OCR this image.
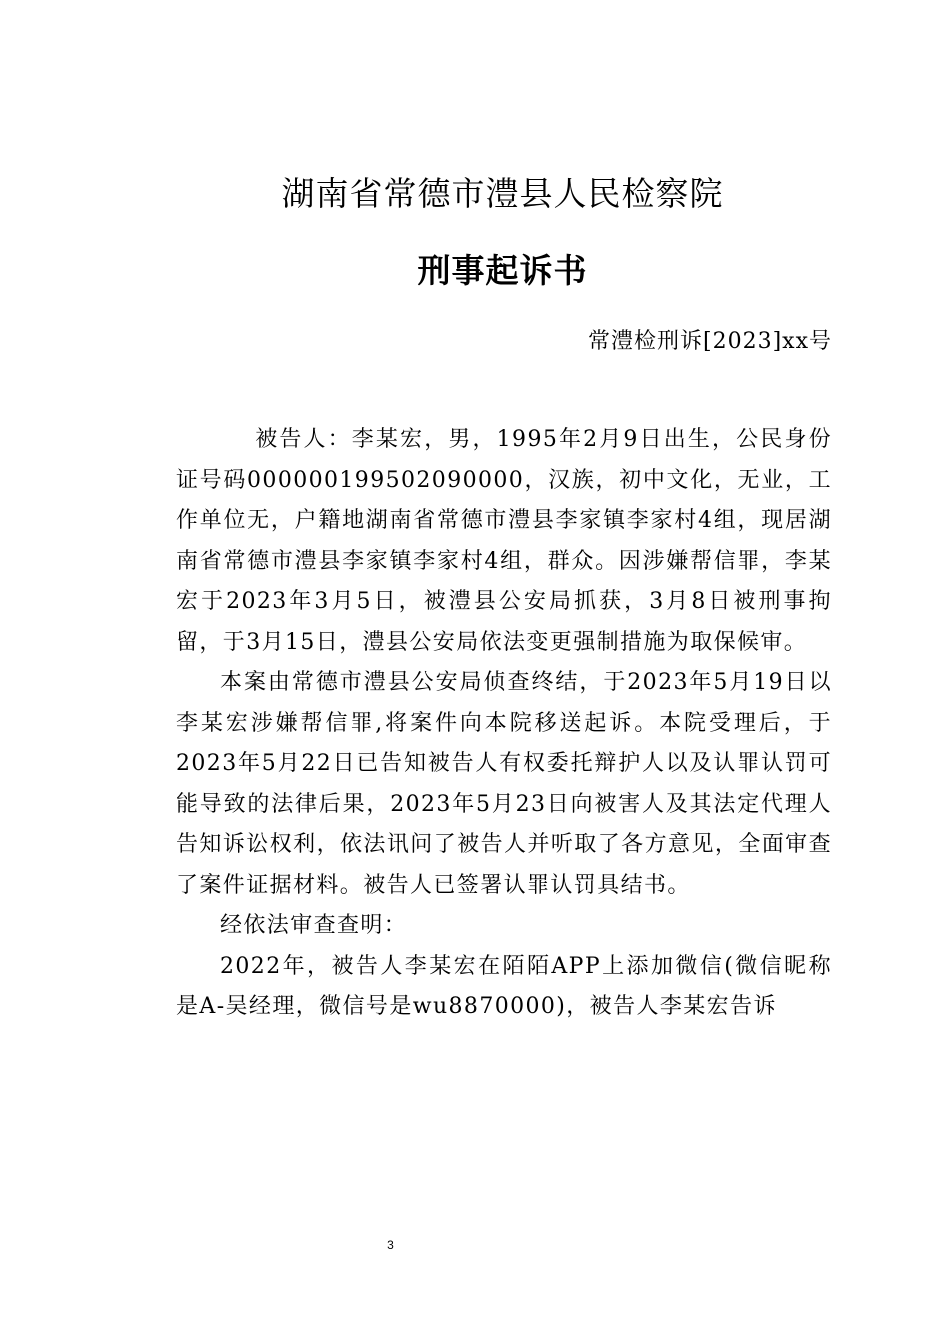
湖南省常德市澧县人民检察院
刑事起诉书
常澧检刑诉[2023]xx号

被告人：李某宏，男，1995年2月9日出生，公民身份证号码000000199502090000，汉族，初中文化，无业，工作单位无，户籍地湖南省常德市澧县李家镇李家村4组，现居湖南省常德市澧县李家镇李家村4组，群众。因涉嫌帮信罪，李某宏于2023年3月5日，被澧县公安局抓获，3月8日被刑事拘留，于3月15日，澧县公安局依法变更强制措施为取保候审。

本案由常德市澧县公安局侦查终结，于2023年5月19日以李某宏涉嫌帮信罪,将案件向本院移送起诉。本院受理后，于2023年5月22日已告知被告人有权委托辩护人以及认罪认罚可能导致的法律后果，2023年5月23日向被害人及其法定代理人告知诉讼权利，依法讯问了被告人并听取了各方意见，全面审查了案件证据材料。被告人已签署认罪认罚具结书。

经依法审查查明：

2022年，被告人李某宏在陌陌APP上添加微信(微信昵称是A-吴经理，微信号是wu8870000)，被告人李某宏告诉

3
